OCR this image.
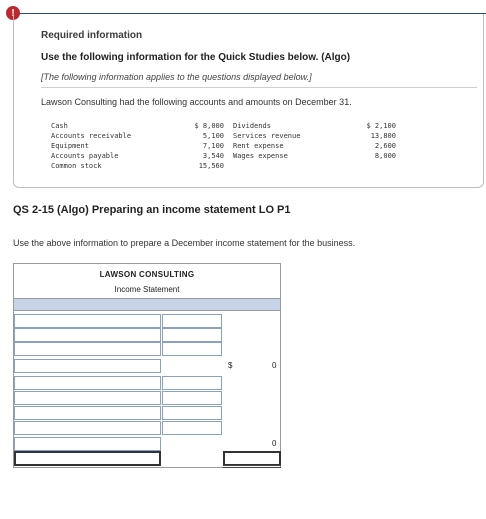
!
Required information
Use the following information for the Quick Studies below. (Algo)
[The following information applies to the questions displayed below.]
Lawson Consulting had the following accounts and amounts on December 31.
Cash
Accounts receivable
Equipment
Accounts payable
Common stock
$ 8,000
5,100
7,100
3,540
15,560
Dividends
Services revenue
Rent expense
Wages expense
$ 2,100
13,800
2,600
8,000
QS 2-15 (Algo) Preparing an income statement LO P1
Use the above information to prepare a December income statement for the business.
LAWSON CONSULTING
Income Statement
$	0
0
